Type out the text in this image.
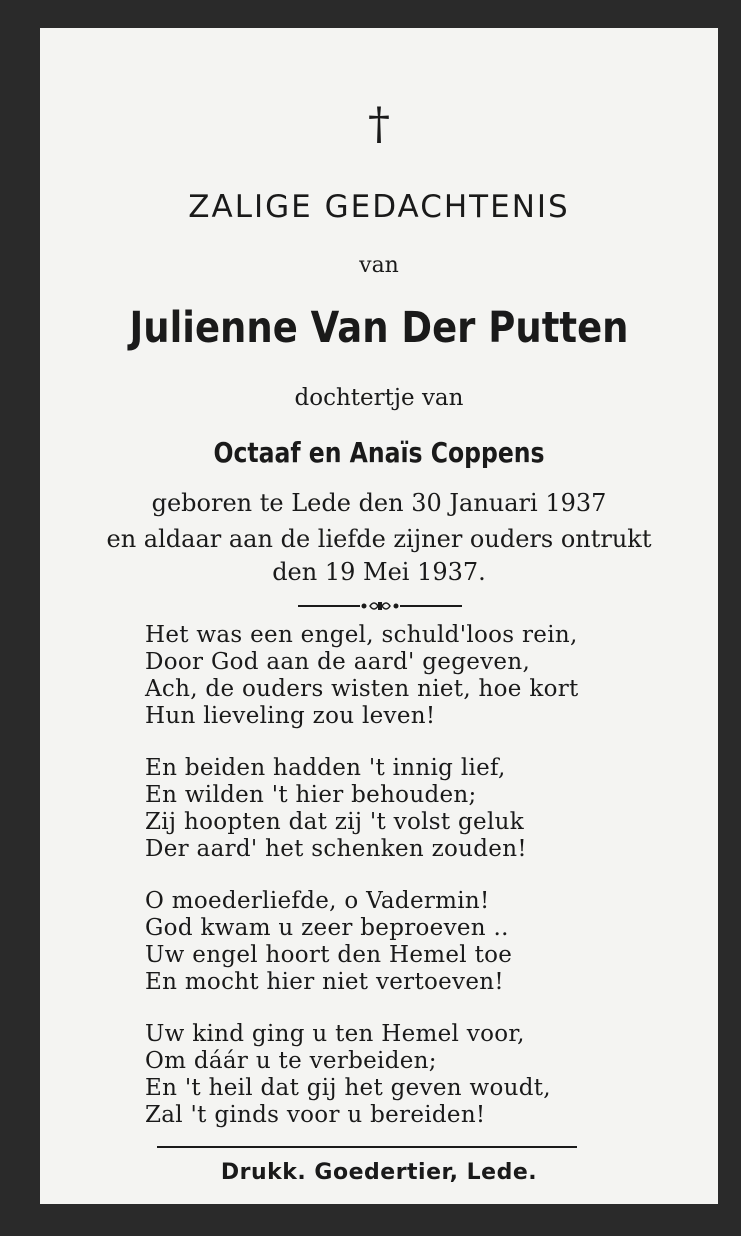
†
ZALIGE GEDACHTENIS
van
Julienne Van Der Putten
dochtertje van
Octaaf en Anaïs Coppens
geboren te Lede den 30 Januari 1937
en aldaar aan de liefde zijner ouders ontrukt
den 19 Mei 1937.
Het was een engel, schuld'loos rein,
Door God aan de aard' gegeven,
Ach, de ouders wisten niet, hoe kort
Hun lieveling zou leven!
En beiden hadden 't innig lief,
En wilden 't hier behouden;
Zij hoopten dat zij 't volst geluk
Der aard' het schenken zouden!
O moederliefde, o Vadermin!
God kwam u zeer beproeven ..
Uw engel hoort den Hemel toe
En mocht hier niet vertoeven!
Uw kind ging u ten Hemel voor,
Om dáár u te verbeiden;
En 't heil dat gij het geven woudt,
Zal 't ginds voor u bereiden!
Drukk. Goedertier, Lede.
